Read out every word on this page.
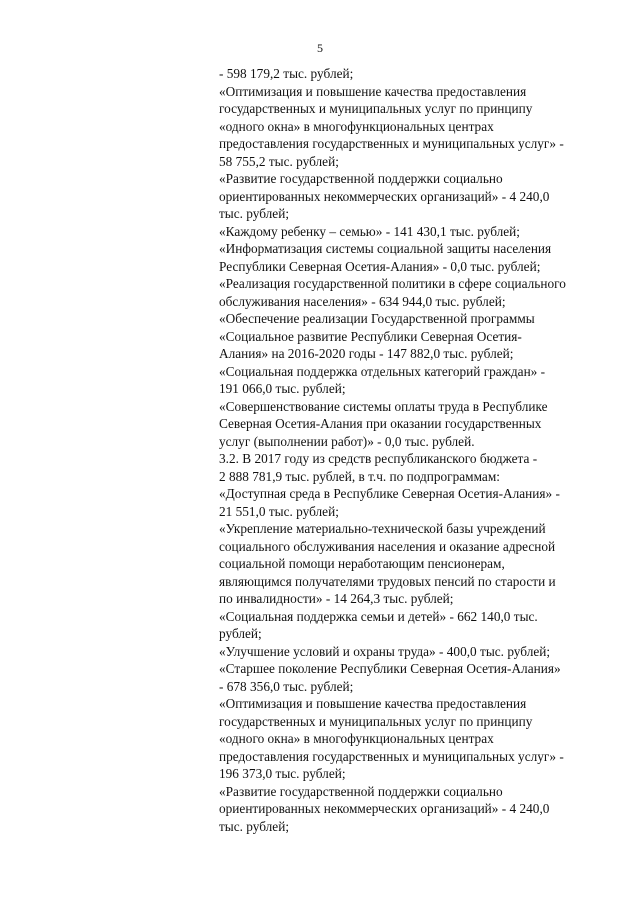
5
- 598 179,2 тыс. рублей;
«Оптимизация и повышение качества предоставления
государственных и муниципальных услуг по принципу
«одного окна» в многофункциональных центрах
предоставления государственных и муниципальных услуг» -
58 755,2 тыс. рублей;
«Развитие государственной поддержки социально
ориентированных некоммерческих организаций» - 4 240,0
тыс. рублей;
«Каждому ребенку – семью» - 141 430,1 тыс. рублей;
«Информатизация системы социальной защиты населения
Республики Северная Осетия-Алания» - 0,0 тыс. рублей;
«Реализация государственной политики в сфере социального
обслуживания населения» - 634 944,0 тыс. рублей;
«Обеспечение реализации Государственной программы
«Социальное развитие Республики Северная Осетия-
Алания» на 2016-2020 годы - 147 882,0 тыс. рублей;
«Социальная поддержка отдельных категорий граждан» -
191 066,0 тыс. рублей;
«Совершенствование системы оплаты труда в Республике
Северная Осетия-Алания при оказании государственных
услуг (выполнении работ)» - 0,0 тыс. рублей.
3.2. В 2017 году из средств республиканского бюджета -
2 888 781,9 тыс. рублей, в т.ч. по подпрограммам:
«Доступная среда в Республике Северная Осетия-Алания» -
21 551,0 тыс. рублей;
«Укрепление материально-технической базы учреждений
социального обслуживания населения и оказание адресной
социальной помощи неработающим пенсионерам,
являющимся получателями трудовых пенсий по старости и
по инвалидности» - 14 264,3 тыс. рублей;
«Социальная поддержка семьи и детей» - 662 140,0 тыс.
рублей;
«Улучшение условий и охраны труда» - 400,0 тыс. рублей;
«Старшее поколение Республики Северная Осетия-Алания»
- 678 356,0 тыс. рублей;
«Оптимизация и повышение качества предоставления
государственных и муниципальных услуг по принципу
«одного окна» в многофункциональных центрах
предоставления государственных и муниципальных услуг» -
196 373,0 тыс. рублей;
«Развитие государственной поддержки социально
ориентированных некоммерческих организаций» - 4 240,0
тыс. рублей;
